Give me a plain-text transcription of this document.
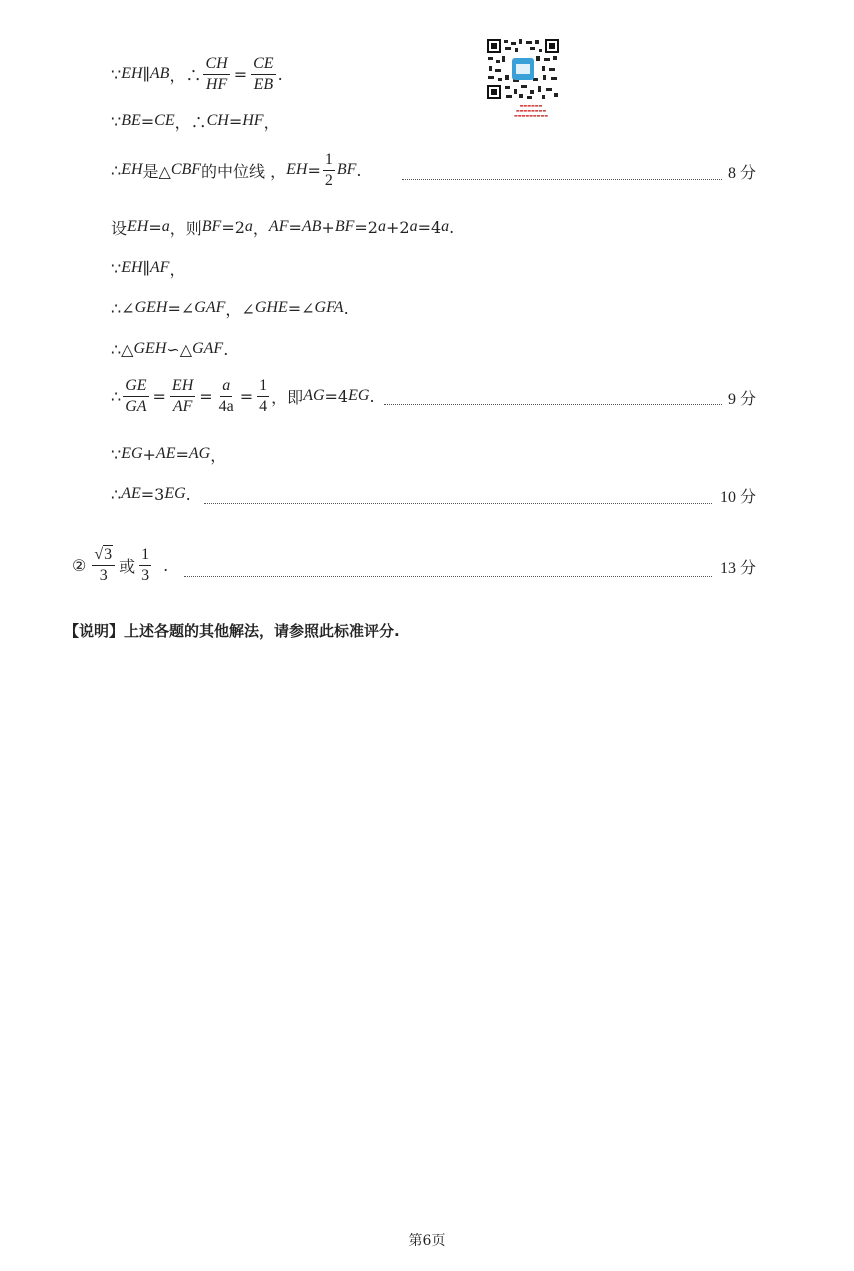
▬▬▬▬▬▬
▬▬▬▬▬▬▬▬
▬▬▬▬▬▬▬▬▬
∵ EH ∥ AB ，∴ $\frac{CH}{HF} = \frac{CE}{EB}$ .
∵ BE = CE ，∴ CH = HF ，
∴ EH 是△ CBF 的中位线 ， EH = $\frac{1}{2}$ BF .	8 分
设 EH = a ，则 BF =2 a ， AF = AB + BF =2 a +2 a =4 a .
∵ EH ∥ AF ，
∴∠ GEH =∠ GAF ，∠ GHE =∠ GFA .
∴△ GEH ∽△ GAF .
∴ $\frac{GE}{GA} = \frac{EH}{AF} = \frac{a}{4a} = \frac{1}{4}$ ，即 AG =4 EG .	9 分
∵ EG + AE = AG ，
∴ AE =3 EG .	10 分
② $\frac{√ 3}{3}$ 或 $\frac{1}{3}$ .	13 分
【说明】上述各题的其他解法，请参照此标准评分.
第6页
